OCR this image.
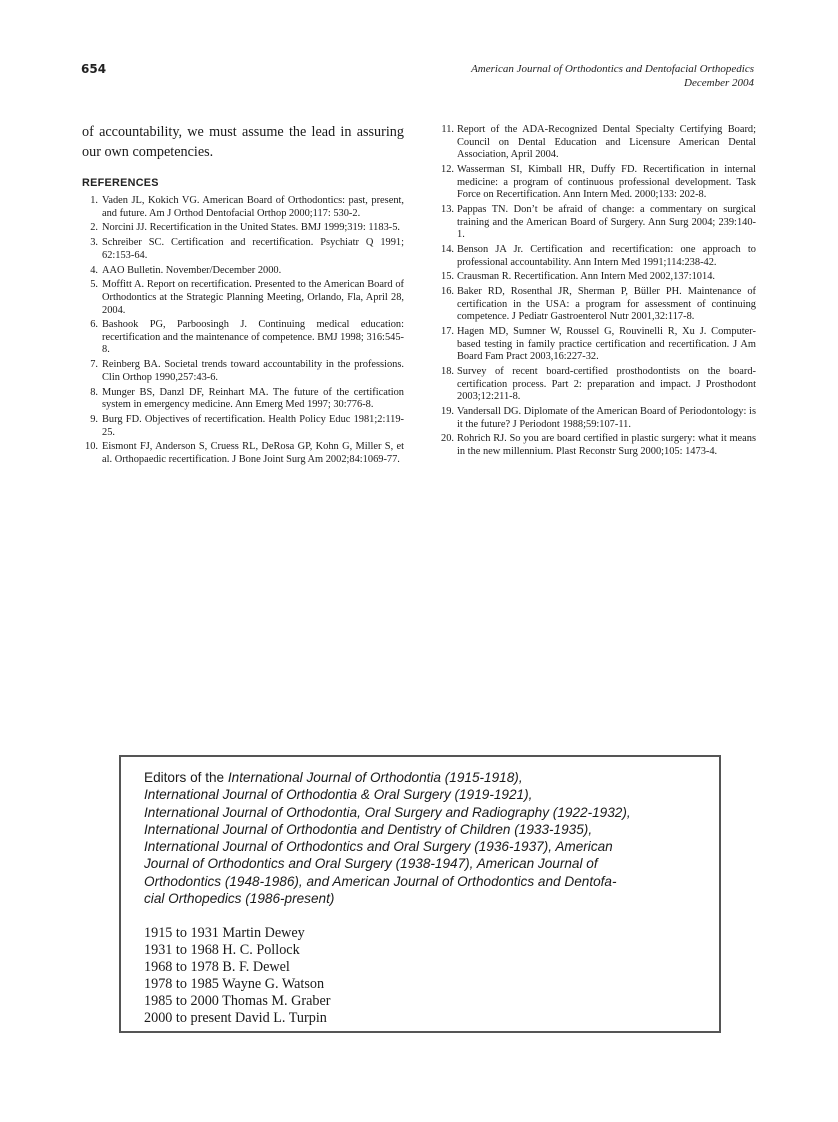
654	American Journal of Orthodontics and Dentofacial Orthopedics
December 2004

of accountability, we must assume the lead in assuring our own competencies.

REFERENCES
1. Vaden JL, Kokich VG. American Board of Orthodontics: past, present, and future. Am J Orthod Dentofacial Orthop 2000;117: 530-2.
2. Norcini JJ. Recertification in the United States. BMJ 1999;319: 1183-5.
3. Schreiber SC. Certification and recertification. Psychiatr Q 1991; 62:153-64.
4. AAO Bulletin. November/December 2000.
5. Moffitt A. Report on recertification. Presented to the American Board of Orthodontics at the Strategic Planning Meeting, Orlando, Fla, April 28, 2004.
6. Bashook PG, Parboosingh J. Continuing medical education: recertification and the maintenance of competence. BMJ 1998; 316:545-8.
7. Reinberg BA. Societal trends toward accountability in the professions. Clin Orthop 1990,257:43-6.
8. Munger BS, Danzl DF, Reinhart MA. The future of the certification system in emergency medicine. Ann Emerg Med 1997; 30:776-8.
9. Burg FD. Objectives of recertification. Health Policy Educ 1981;2:119-25.
10. Eismont FJ, Anderson S, Cruess RL, DeRosa GP, Kohn G, Miller S, et al. Orthopaedic recertification. J Bone Joint Surg Am 2002;84:1069-77.
11. Report of the ADA-Recognized Dental Specialty Certifying Board; Council on Dental Education and Licensure American Dental Association, April 2004.
12. Wasserman SI, Kimball HR, Duffy FD. Recertification in internal medicine: a program of continuous professional development. Task Force on Recertification. Ann Intern Med. 2000;133: 202-8.
13. Pappas TN. Don’t be afraid of change: a commentary on surgical training and the American Board of Surgery. Ann Surg 2004; 239:140-1.
14. Benson JA Jr. Certification and recertification: one approach to professional accountability. Ann Intern Med 1991;114:238-42.
15. Crausman R. Recertification. Ann Intern Med 2002,137:1014.
16. Baker RD, Rosenthal JR, Sherman P, Büller PH. Maintenance of certification in the USA: a program for assessment of continuing competence. J Pediatr Gastroenterol Nutr 2001,32:117-8.
17. Hagen MD, Sumner W, Roussel G, Rouvinelli R, Xu J. Computer-based testing in family practice certification and recertification. J Am Board Fam Pract 2003,16:227-32.
18. Survey of recent board-certified prosthodontists on the board-certification process. Part 2: preparation and impact. J Prosthodont 2003;12:211-8.
19. Vandersall DG. Diplomate of the American Board of Periodontology: is it the future? J Periodont 1988;59:107-11.
20. Rohrich RJ. So you are board certified in plastic surgery: what it means in the new millennium. Plast Reconstr Surg 2000;105: 1473-4.
Editors of the International Journal of Orthodontia (1915-1918),
International Journal of Orthodontia & Oral Surgery (1919-1921),
International Journal of Orthodontia, Oral Surgery and Radiography (1922-1932),
International Journal of Orthodontia and Dentistry of Children (1933-1935),
International Journal of Orthodontics and Oral Surgery (1936-1937), American
Journal of Orthodontics and Oral Surgery (1938-1947), American Journal of
Orthodontics (1948-1986), and American Journal of Orthodontics and Dentofa-
cial Orthopedics (1986-present)
1915 to 1931 Martin Dewey
1931 to 1968 H. C. Pollock
1968 to 1978 B. F. Dewel
1978 to 1985 Wayne G. Watson
1985 to 2000 Thomas M. Graber
2000 to present David L. Turpin
